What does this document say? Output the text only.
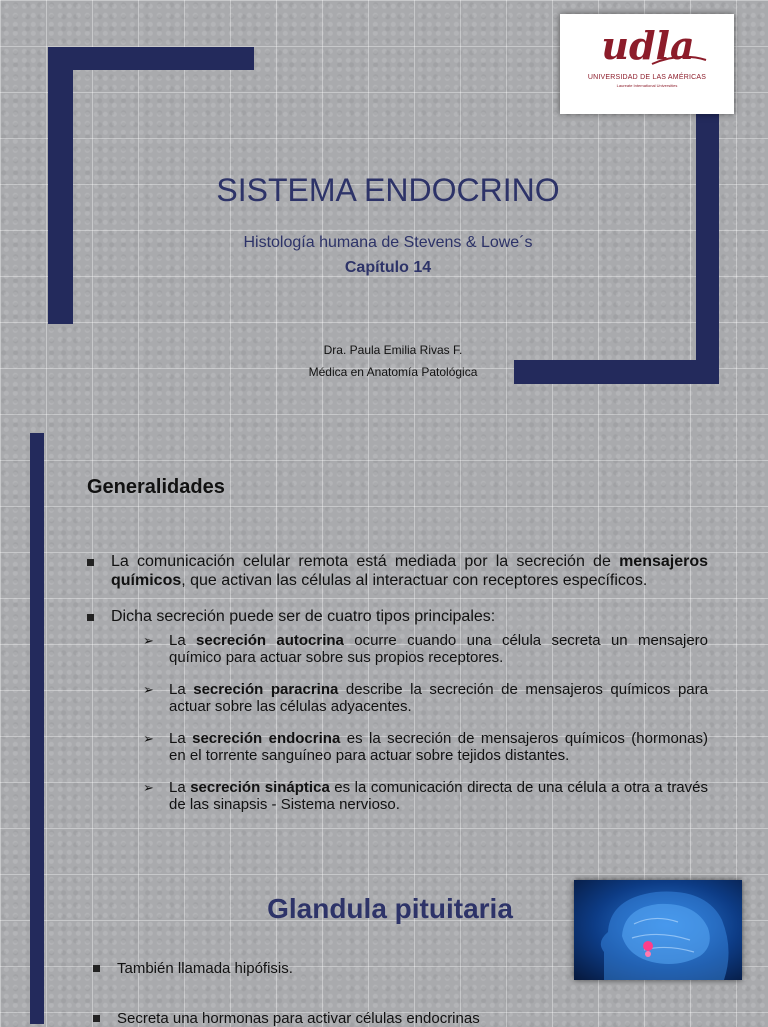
udla
UNIVERSIDAD DE LAS AMÉRICAS
Laureate International Universities
SISTEMA ENDOCRINO
Histología humana de Stevens & Lowe´s
Capítulo 14
Dra. Paula Emilia Rivas F.
Médica en Anatomía Patológica
Generalidades
La comunicación celular remota está mediada por la secreción de mensajeros químicos, que activan las células al interactuar con receptores específicos.
Dicha secreción puede ser de cuatro tipos principales:
➢ La secreción autocrina ocurre cuando una célula secreta un mensajero químico para actuar sobre sus propios receptores.
➢ La secreción paracrina describe la secreción de mensajeros químicos para actuar sobre las células adyacentes.
➢ La secreción endocrina es la secreción de mensajeros químicos (hormonas) en el torrente sanguíneo para actuar sobre tejidos distantes.
➢ La secreción sináptica es la comunicación directa de una célula a otra a través de las sinapsis - Sistema nervioso.
Glandula pituitaria
También llamada hipófisis.
Secreta una hormonas para activar células endocrinas
